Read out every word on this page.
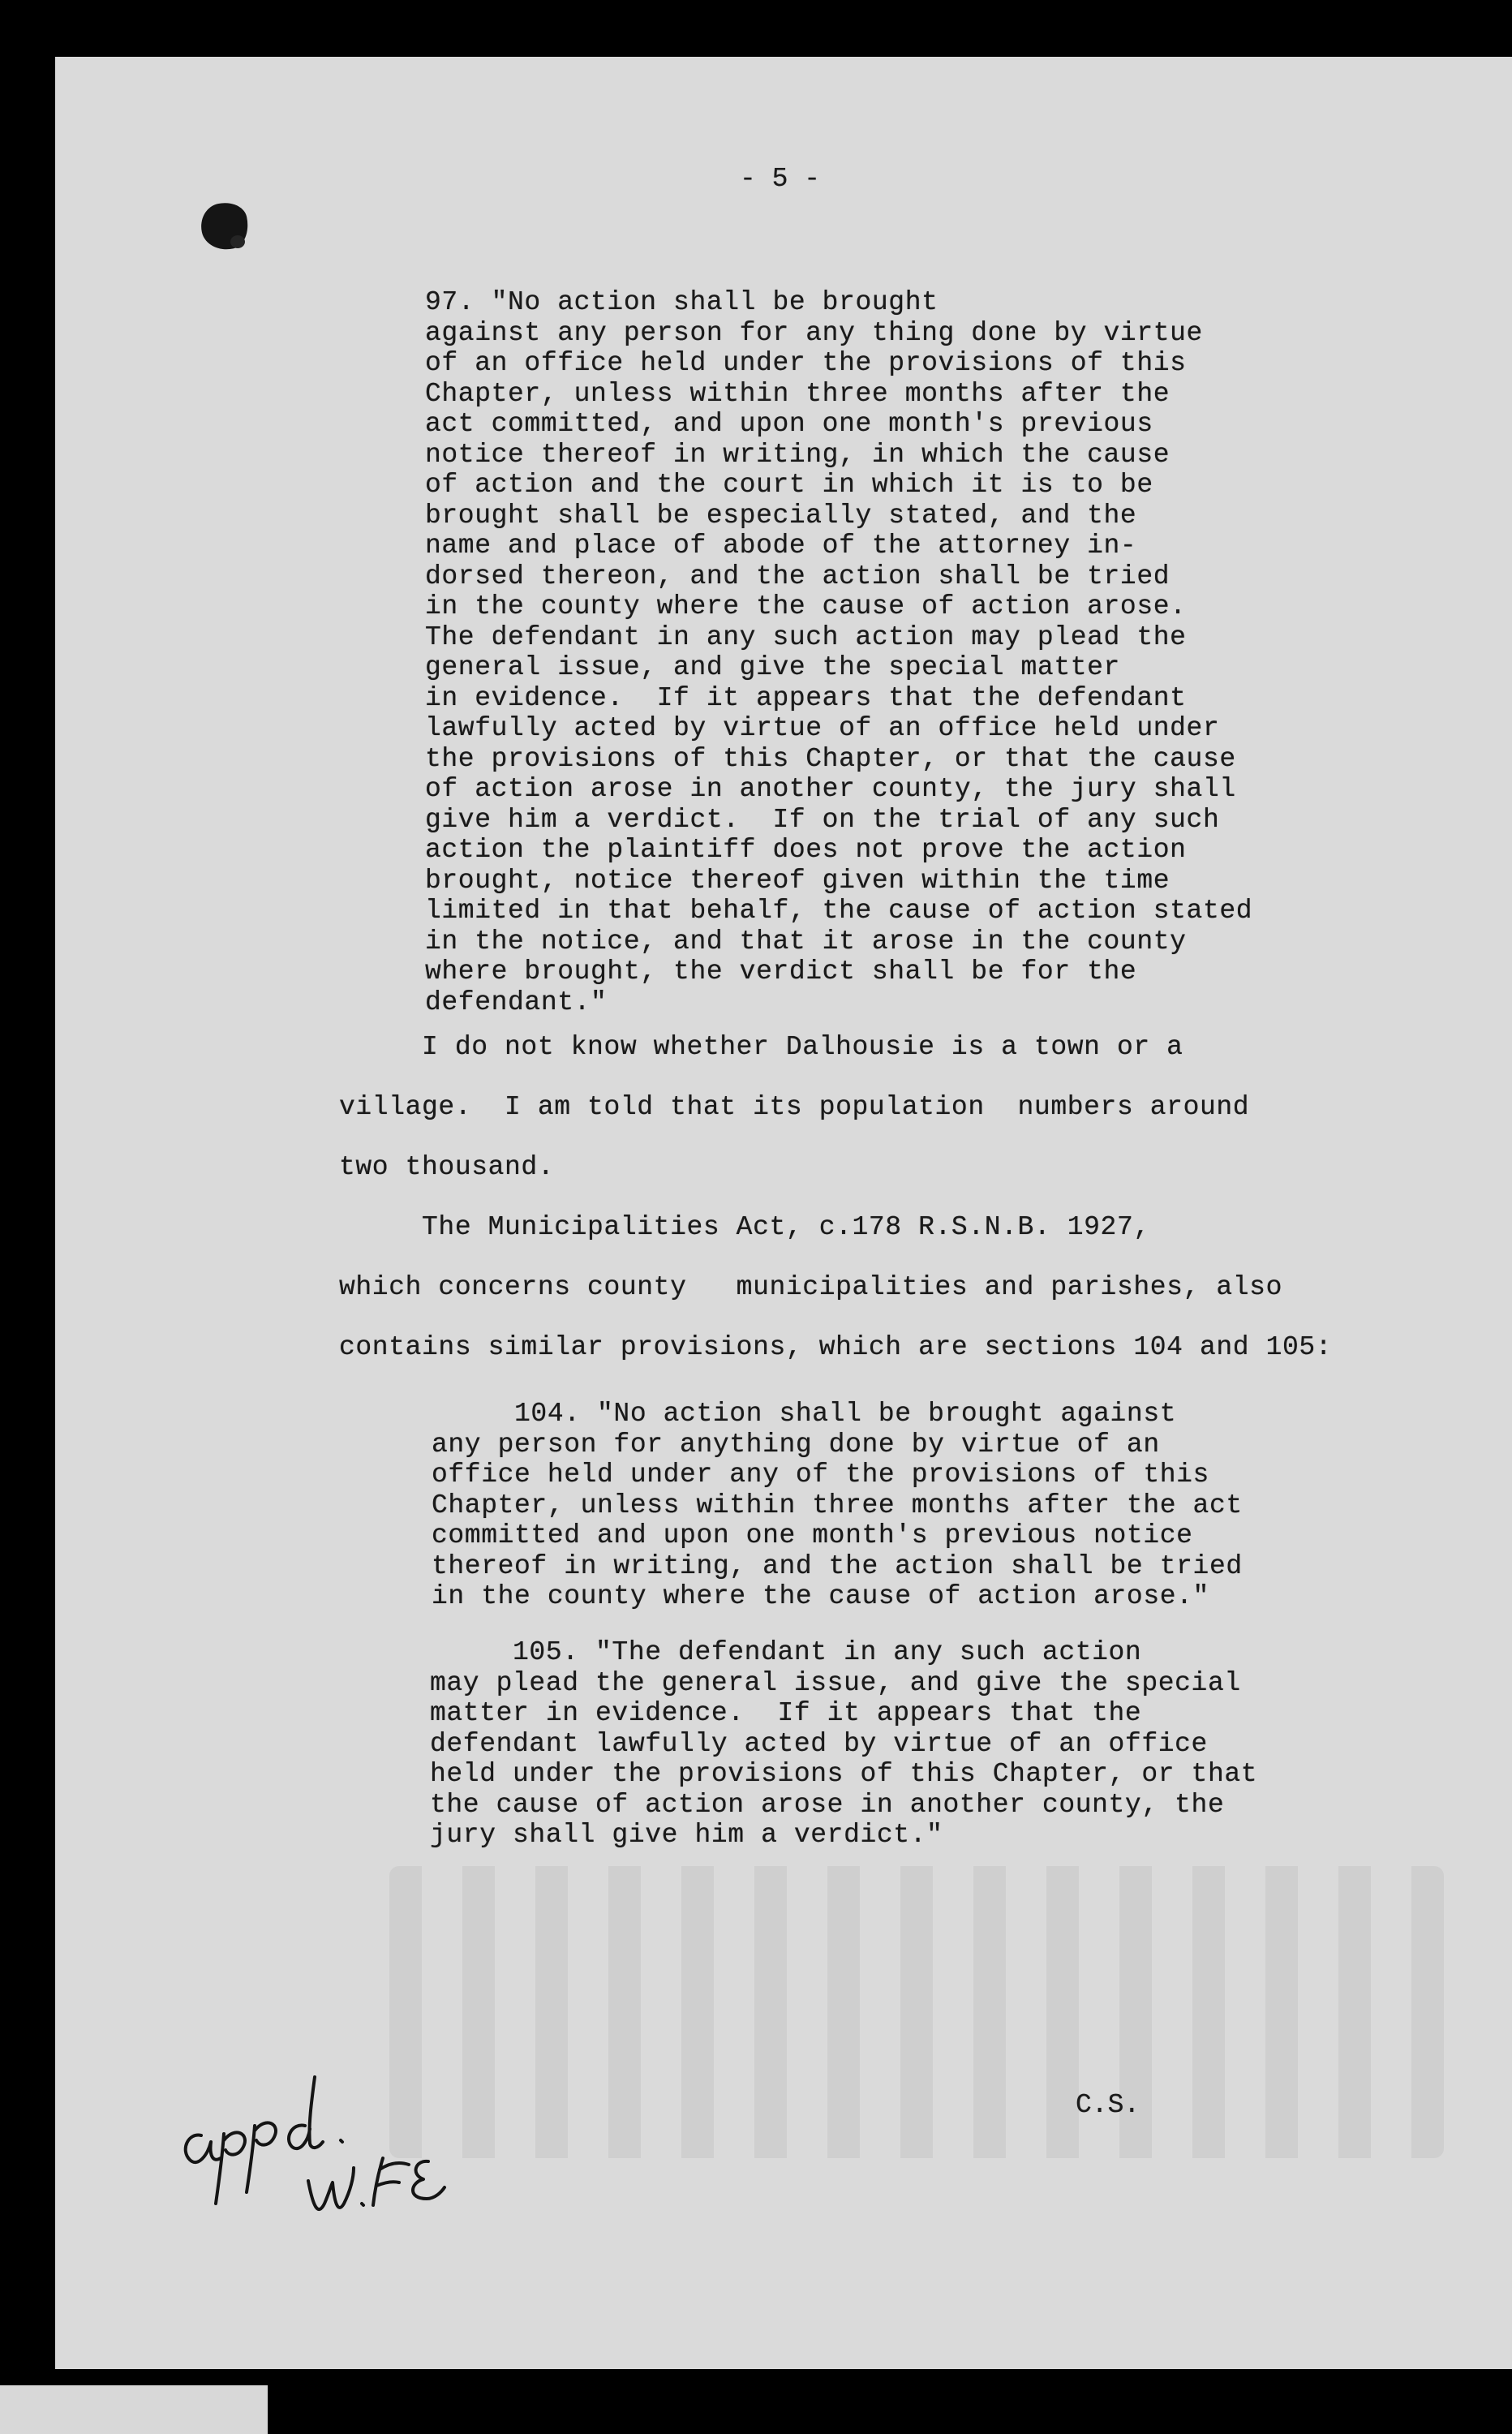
- 5 -
97. "No action shall be brought
against any person for any thing done by virtue
of an office held under the provisions of this
Chapter, unless within three months after the
act committed, and upon one month's previous
notice thereof in writing, in which the cause
of action and the court in which it is to be
brought shall be especially stated, and the
name and place of abode of the attorney in-
dorsed thereon, and the action shall be tried
in the county where the cause of action arose.
The defendant in any such action may plead the
general issue, and give the special matter
in evidence.  If it appears that the defendant
lawfully acted by virtue of an office held under
the provisions of this Chapter, or that the cause
of action arose in another county, the jury shall
give him a verdict.  If on the trial of any such
action the plaintiff does not prove the action
brought, notice thereof given within the time
limited in that behalf, the cause of action stated
in the notice, and that it arose in the county
where brought, the verdict shall be for the
defendant."
I do not know whether Dalhousie is a town or a
village.  I am told that its population  numbers around
two thousand.
The Municipalities Act, c.178 R.S.N.B. 1927,
which concerns county   municipalities and parishes, also
contains similar provisions, which are sections 104 and 105:
104. "No action shall be brought against
any person for anything done by virtue of an
office held under any of the provisions of this
Chapter, unless within three months after the act
committed and upon one month's previous notice
thereof in writing, and the action shall be tried
in the county where the cause of action arose."
105. "The defendant in any such action
may plead the general issue, and give the special
matter in evidence.  If it appears that the
defendant lawfully acted by virtue of an office
held under the provisions of this Chapter, or that
the cause of action arose in another county, the
jury shall give him a verdict."
C.S.
